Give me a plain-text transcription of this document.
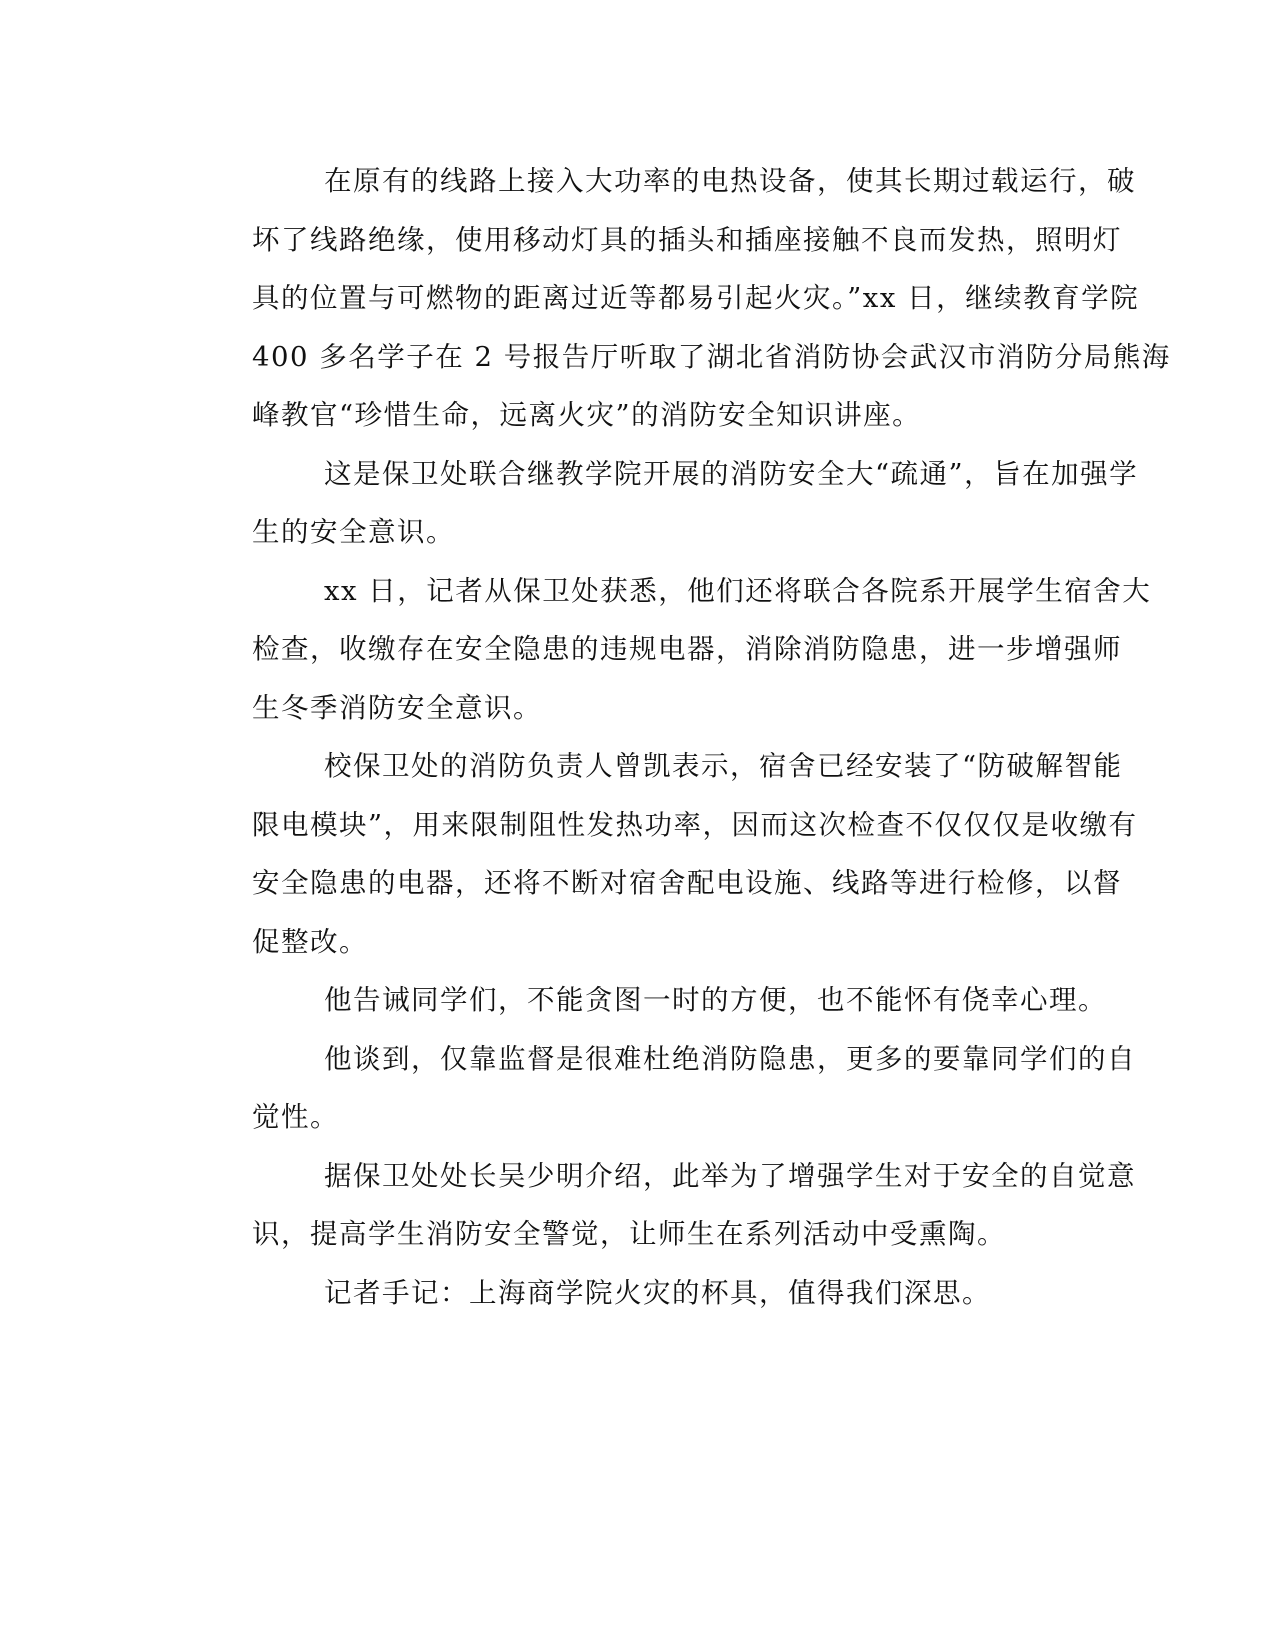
在原有的线路上接入大功率的电热设备，使其长期过载运行，破
坏了线路绝缘，使用移动灯具的插头和插座接触不良而发热，照明灯
具的位置与可燃物的距离过近等都易引起火灾。”xx 日，继续教育学院
400 多名学子在 2 号报告厅听取了湖北省消防协会武汉市消防分局熊海
峰教官“珍惜生命，远离火灾”的消防安全知识讲座。
这是保卫处联合继教学院开展的消防安全大“疏通”，旨在加强学
生的安全意识。
xx 日，记者从保卫处获悉，他们还将联合各院系开展学生宿舍大
检查，收缴存在安全隐患的违规电器，消除消防隐患，进一步增强师
生冬季消防安全意识。
校保卫处的消防负责人曾凯表示，宿舍已经安装了“防破解智能
限电模块”，用来限制阻性发热功率，因而这次检查不仅仅仅是收缴有
安全隐患的电器，还将不断对宿舍配电设施、线路等进行检修，以督
促整改。
他告诫同学们，不能贪图一时的方便，也不能怀有侥幸心理。
他谈到，仅靠监督是很难杜绝消防隐患，更多的要靠同学们的自
觉性。
据保卫处处长吴少明介绍，此举为了增强学生对于安全的自觉意
识，提高学生消防安全警觉，让师生在系列活动中受熏陶。
记者手记：上海商学院火灾的杯具，值得我们深思。
